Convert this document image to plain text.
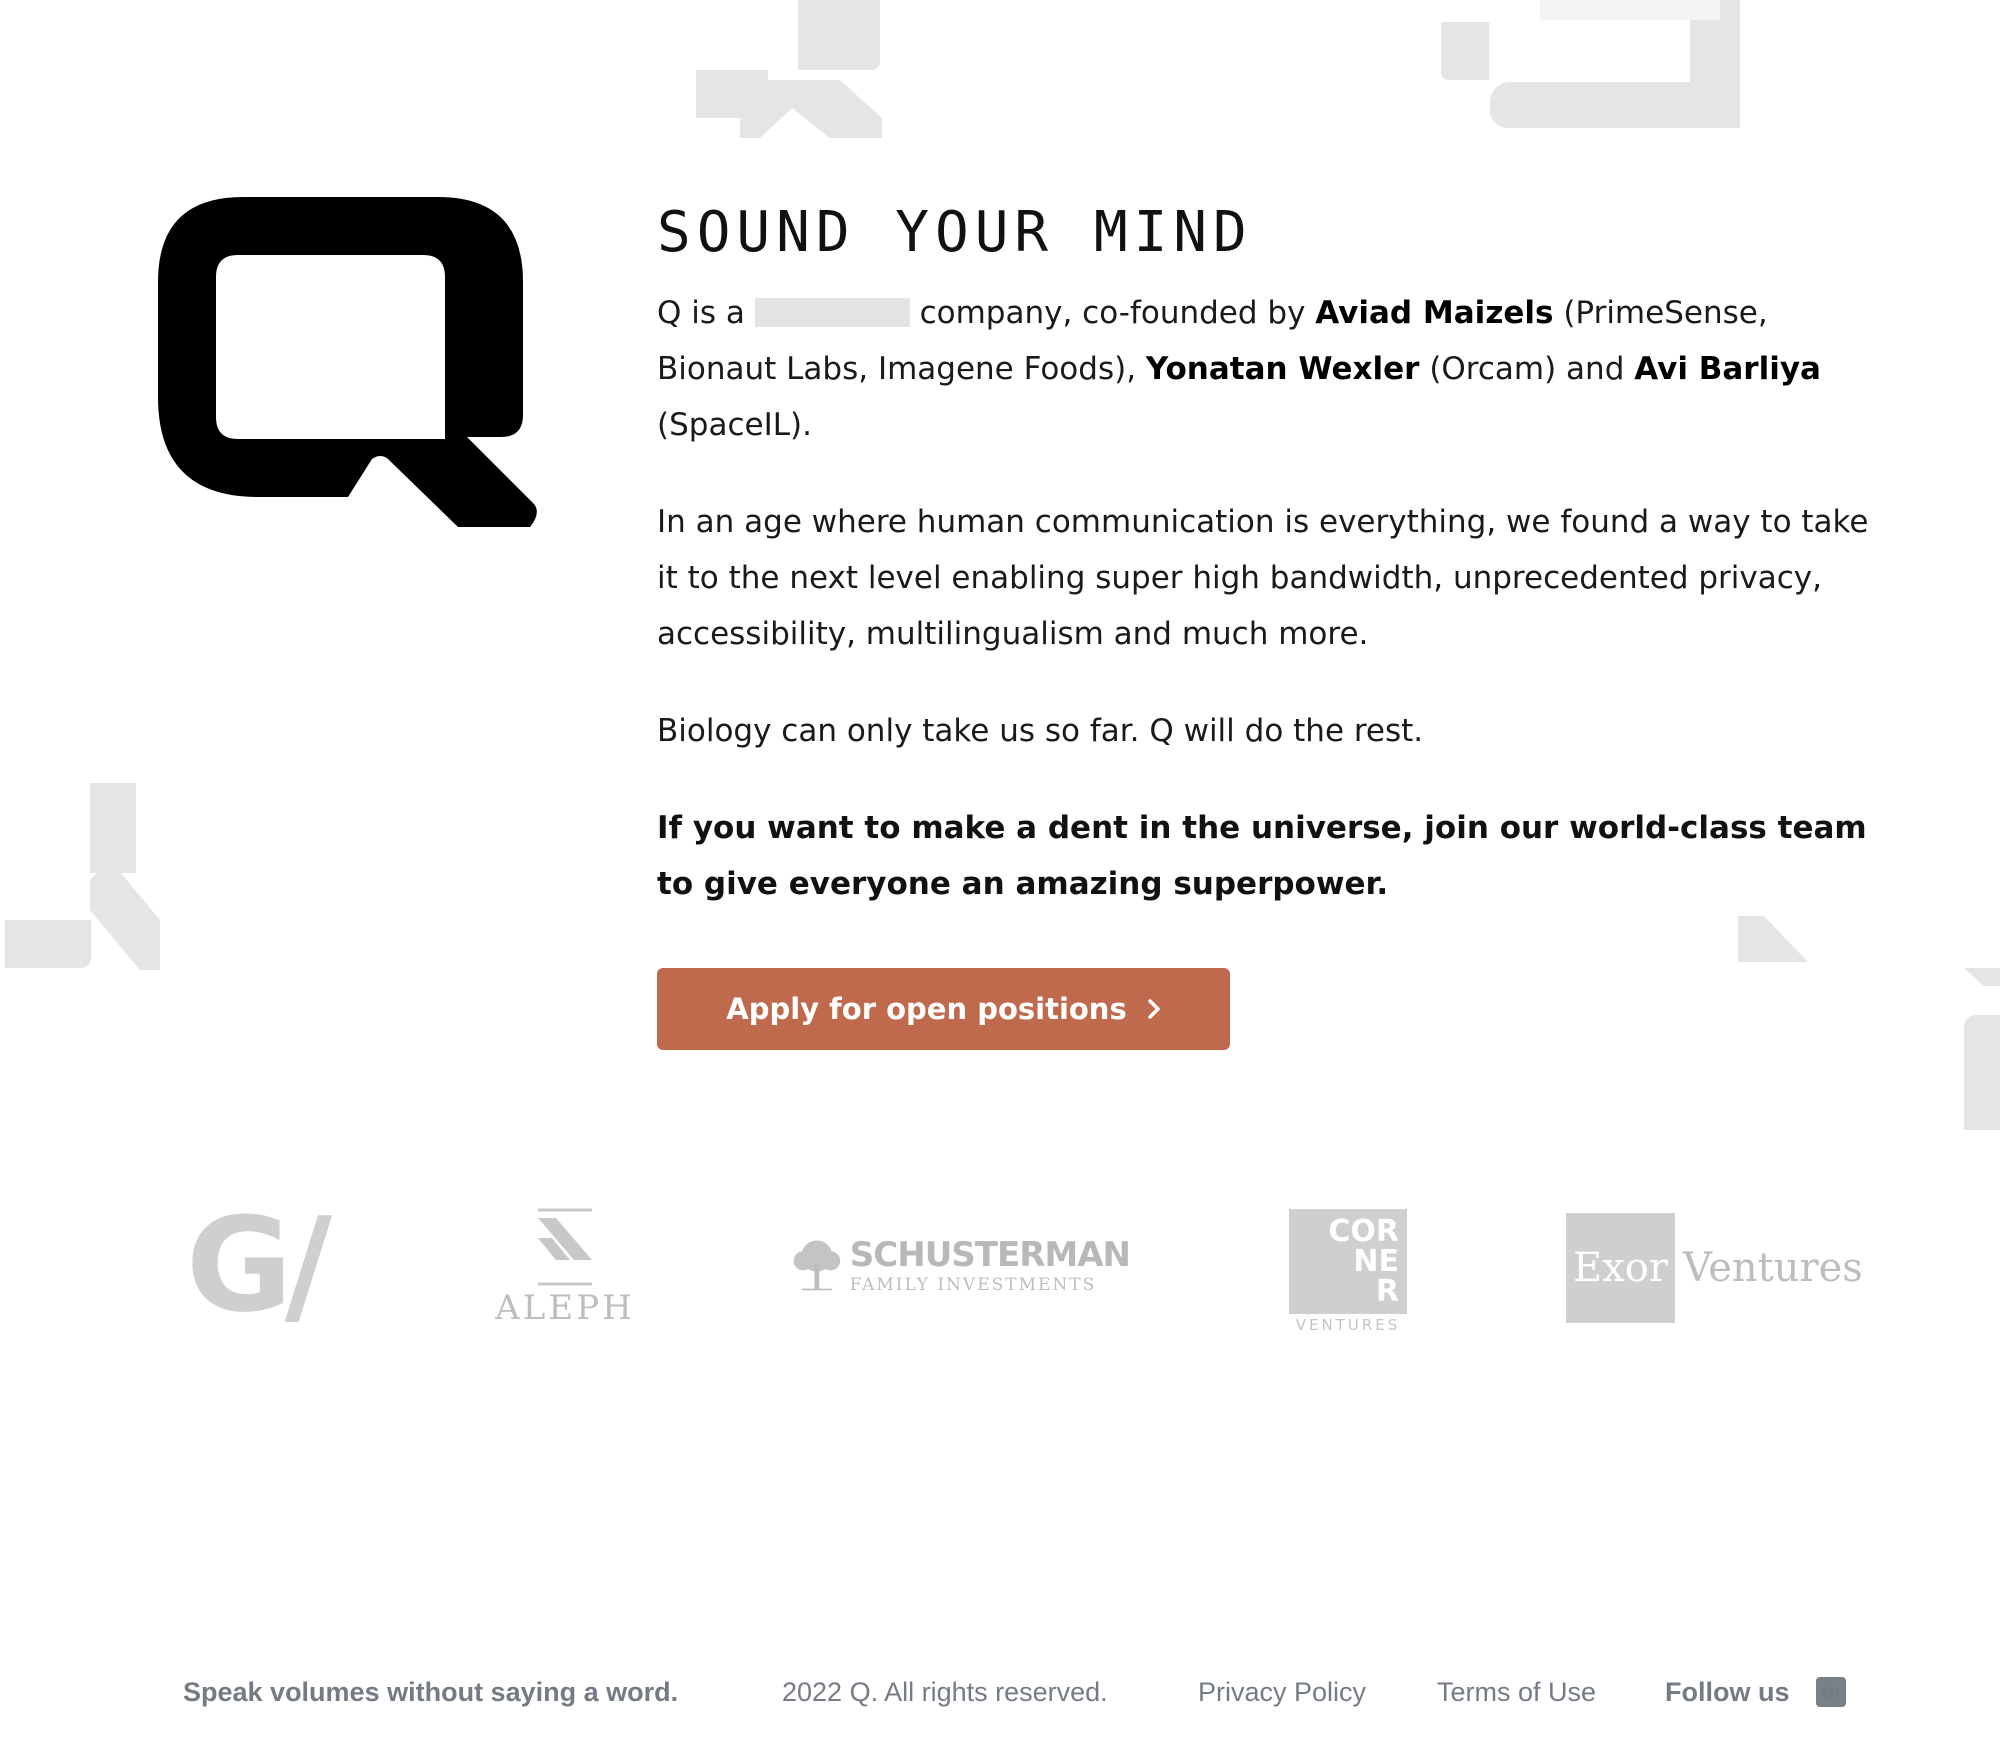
SOUND YOUR MIND

Q is a	company, co-founded by Aviad Maizels (PrimeSense, Bionaut Labs, Imagene Foods), Yonatan Wexler (Orcam) and Avi Barliya (SpaceIL).

In an age where human communication is everything, we found a way to take it to the next level enabling super high bandwidth, unprecedented privacy, accessibility, multilingualism and much more.

Biology can only take us so far. Q will do the rest.

If you want to make a dent in the universe, join our world-class team to give everyone an amazing superpower.

Apply for open positions
G/	ALEPH
SCHUSTERMAN
FAMILY INVESTMENTS
COR
NE
R
VENTURES
Exor Ventures
Speak volumes without saying a word.	2022 Q. All rights reserved.	Privacy Policy	Terms of Use	Follow us	in
